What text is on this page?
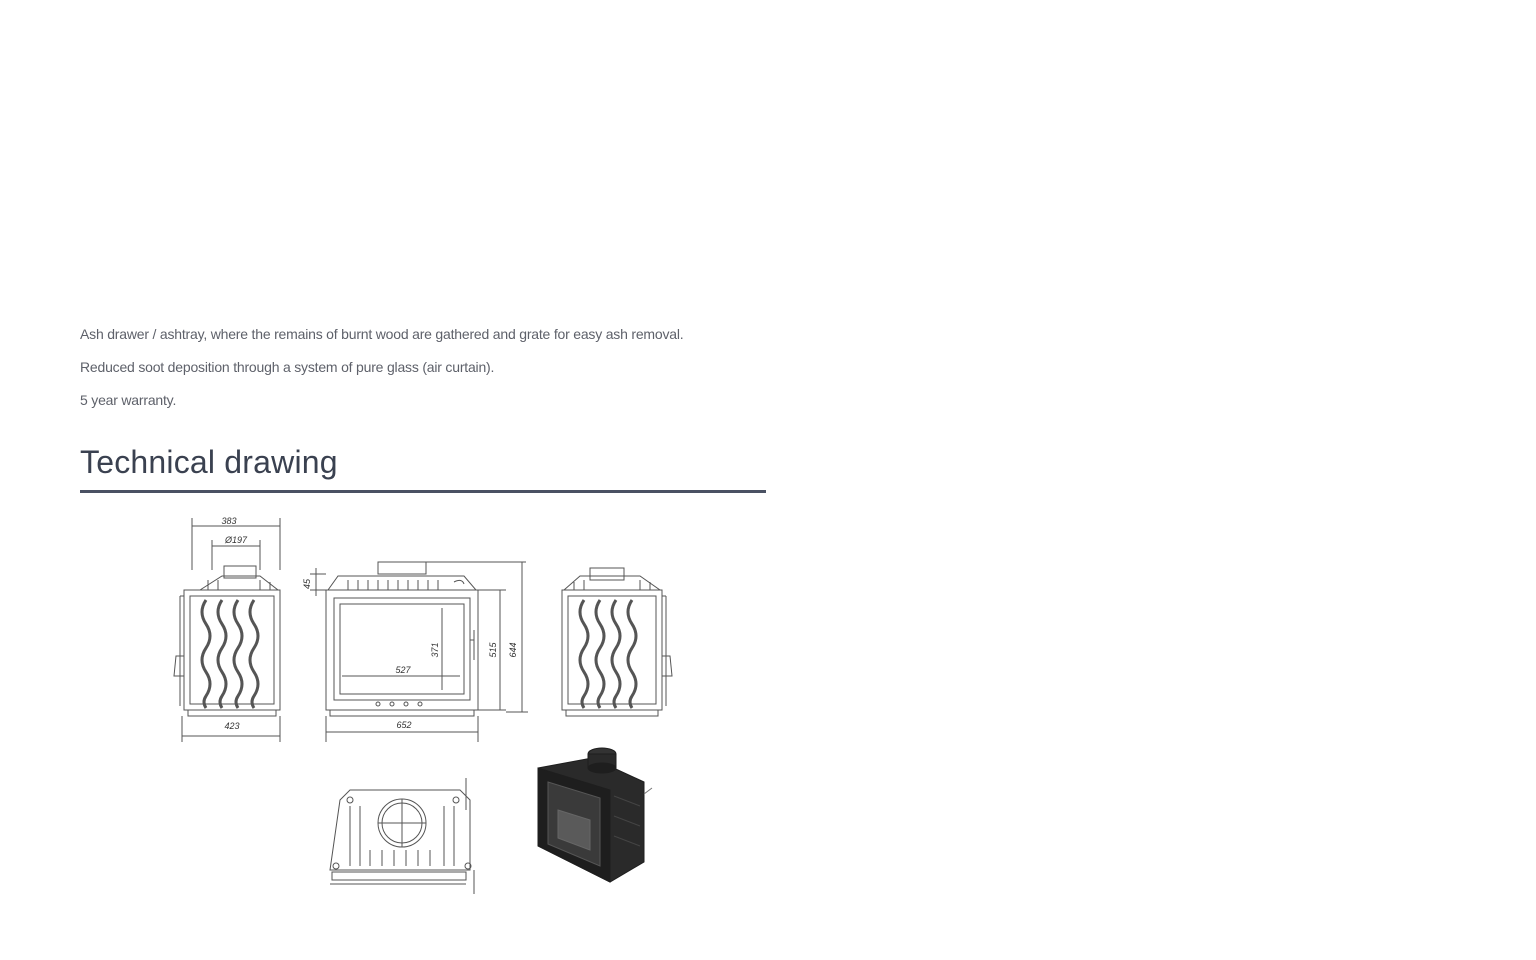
Ash drawer / ashtray, where the remains of burnt wood are gathered and grate for easy ash removal.
Reduced soot deposition through a system of pure glass (air curtain).
5 year warranty.
Technical drawing
383
Ø197
423
527
652
45
371	515 644
